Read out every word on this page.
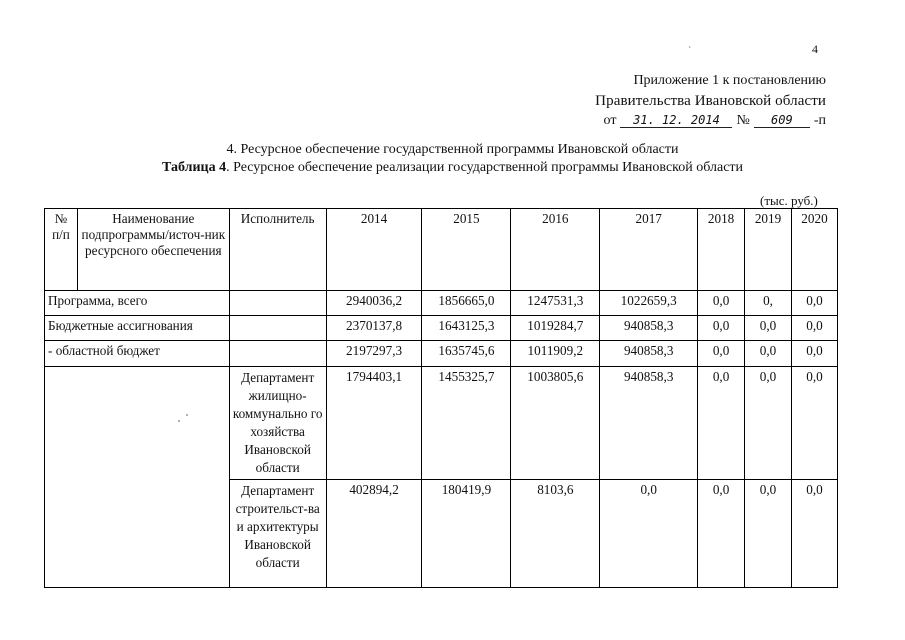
ˋ	4
Приложение 1 к постановлению
Правительства Ивановской области
от	31. 12. 2014	№	609	-п
4. Ресурсное обеспечение государственной программы Ивановской области
Таблица 4. Ресурсное обеспечение реализации государственной программы Ивановской области
(тыс. руб.)
№ п/п	Наименование подпрограммы/источ-ник ресурсного обеспечения	Исполнитель	2014	2015	2016	2017	2018	2019	2020
Программа, всего			2940036,2	1856665,0	1247531,3	1022659,3	0,0	0,	0,0
Бюджетные ассигнования			2370137,8	1643125,3	1019284,7	940858,3	0,0	0,0	0,0
- областной бюджет			2197297,3	1635745,6	1011909,2	940858,3	0,0	0,0	0,0
		Департамент жилищно-коммунально го хозяйства Ивановской области	1794403,1	1455325,7	1003805,6	940858,3	0,0	0,0	0,0
		Департамент строительст-ва и архитектуры Ивановской области	402894,2	180419,9	8103,6	0,0	0,0	0,0	0,0
